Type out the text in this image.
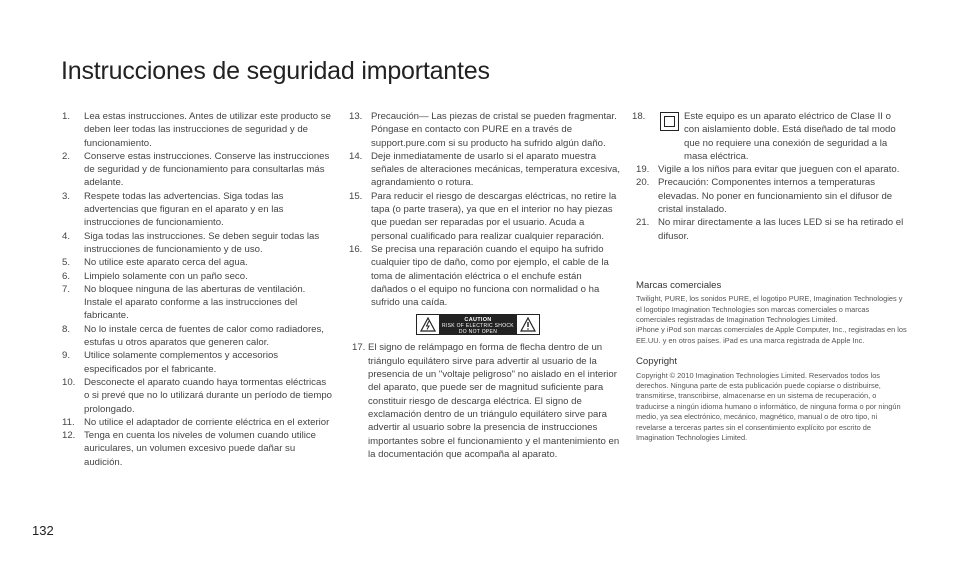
Instrucciones de seguridad importantes
1. Lea estas instrucciones. Antes de utilizar este producto se deben leer todas las instrucciones de seguridad y de funcionamiento.
2. Conserve estas instrucciones. Conserve las instrucciones de seguridad y de funcionamiento para consultarlas más adelante.
3. Respete todas las advertencias. Siga todas las advertencias que figuran en el aparato y en las instrucciones de funcionamiento.
4. Siga todas las instrucciones. Se deben seguir todas las instrucciones de funcionamiento y de uso.
5. No utilice este aparato cerca del agua.
6. Limpielo solamente con un paño seco.
7. No bloquee ninguna de las aberturas de ventilación. Instale el aparato conforme a las instrucciones del fabricante.
8. No lo instale cerca de fuentes de calor como radiadores, estufas u otros aparatos que generen calor.
9. Utilice solamente complementos y accesorios especificados por el fabricante.
10. Desconecte el aparato cuando haya tormentas eléctricas o si prevé que no lo utilizará durante un período de tiempo prolongado.
11. No utilice el adaptador de corriente eléctrica en el exterior
12. Tenga en cuenta los niveles de volumen cuando utilice auriculares, un volumen excesivo puede dañar su audición.
13. Precaución— Las piezas de cristal se pueden fragmentar. Póngase en contacto con PURE en a través de support.pure.com si su producto ha sufrido algún daño.
14. Deje inmediatamente de usarlo si el aparato muestra señales de alteraciones mecánicas, temperatura excesiva, agrandamiento o rotura.
15. Para reducir el riesgo de descargas eléctricas, no retire la tapa (o parte trasera), ya que en el interior no hay piezas que puedan ser reparadas por el usuario. Acuda a personal cualificado para realizar cualquier reparación.
16. Se precisa una reparación cuando el equipo ha sufrido cualquier tipo de daño, como por ejemplo, el cable de la toma de alimentación eléctrica o el enchufe están dañados o el equipo no funciona con normalidad o ha sufrido una caída.
CAUTION
RISK OF ELECTRIC SHOCK
DO NOT OPEN
17. El signo de relámpago en forma de flecha dentro de un triángulo equilátero sirve para advertir al usuario de la presencia de un "voltaje peligroso" no aislado en el interior del aparato, que puede ser de magnitud suficiente para constituir riesgo de descarga eléctrica. El signo de exclamación dentro de un triángulo equilátero sirve para advertir al usuario sobre la presencia de instrucciones importantes sobre el funcionamiento y el mantenimiento en la documentación que acompaña al aparato.
18.	Este equipo es un aparato eléctrico de Clase II o con aislamiento doble. Está diseñado de tal modo que no requiere una conexión de seguridad a la masa eléctrica.
19. Vigile a los niños para evitar que jueguen con el aparato.
20. Precaución: Componentes internos a temperaturas elevadas. No poner en funcionamiento sin el difusor de cristal instalado.
21. No mirar directamente a las luces LED si se ha retirado el difusor.

Marcas comerciales

Twilight, PURE, los sonidos PURE, el logotipo PURE, Imagination Technologies y el logotipo Imagination Technologies son marcas comerciales o marcas comerciales registradas de Imagination Technologies Limited.

iPhone y iPod son marcas comerciales de Apple Computer, Inc., registradas en los EE.UU. y en otros países. iPad es una marca registrada de Apple Inc.

Copyright

Copyright © 2010 Imagination Technologies Limited. Reservados todos los derechos. Ninguna parte de esta publicación puede copiarse o distribuirse, transmitirse, transcribirse, almacenarse en un sistema de recuperación, o traducirse a ningún idioma humano o informático, de ninguna forma o por ningún medio, ya sea electrónico, mecánico, magnético, manual o de otro tipo, ni revelarse a terceras partes sin el consentimiento explícito por escrito de Imagination Technologies Limited.

132
